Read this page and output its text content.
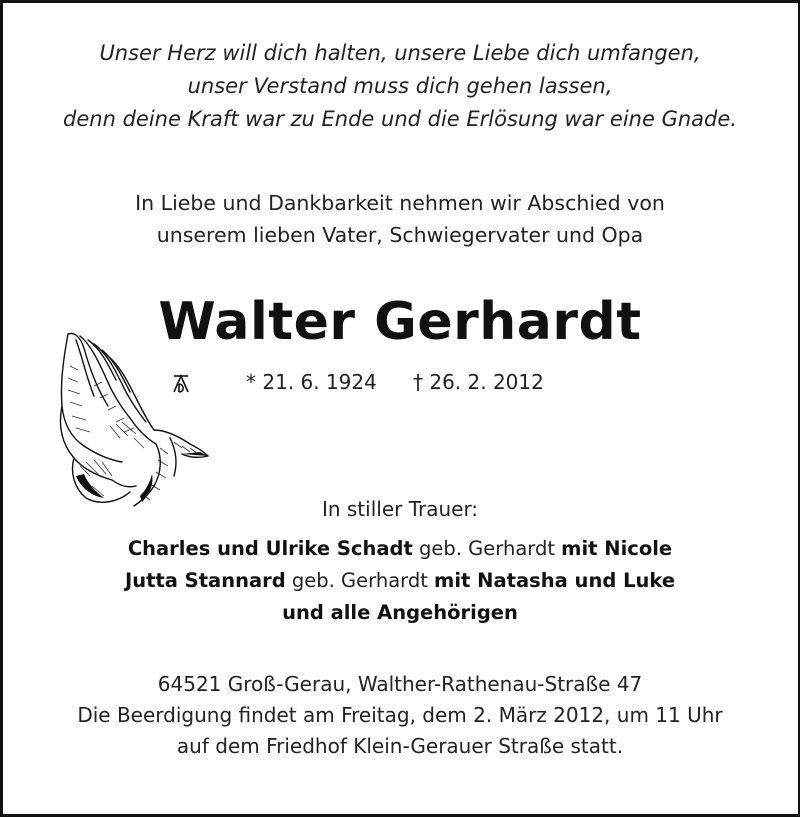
Unser Herz will dich halten, unsere Liebe dich umfangen,
unser Verstand muss dich gehen lassen,
denn deine Kraft war zu Ende und die Erlösung war eine Gnade.
In Liebe und Dankbarkeit nehmen wir Abschied von
unserem lieben Vater, Schwiegervater und Opa
Walter Gerhardt
* 21. 6. 1924 † 26. 2. 2012
In stiller Trauer:
Charles und Ulrike Schadt geb. Gerhardt mit Nicole
Jutta Stannard geb. Gerhardt mit Natasha und Luke
und alle Angehörigen
64521 Groß-Gerau, Walther-Rathenau-Straße 47
Die Beerdigung findet am Freitag, dem 2. März 2012, um 11 Uhr
auf dem Friedhof Klein-Gerauer Straße statt.
